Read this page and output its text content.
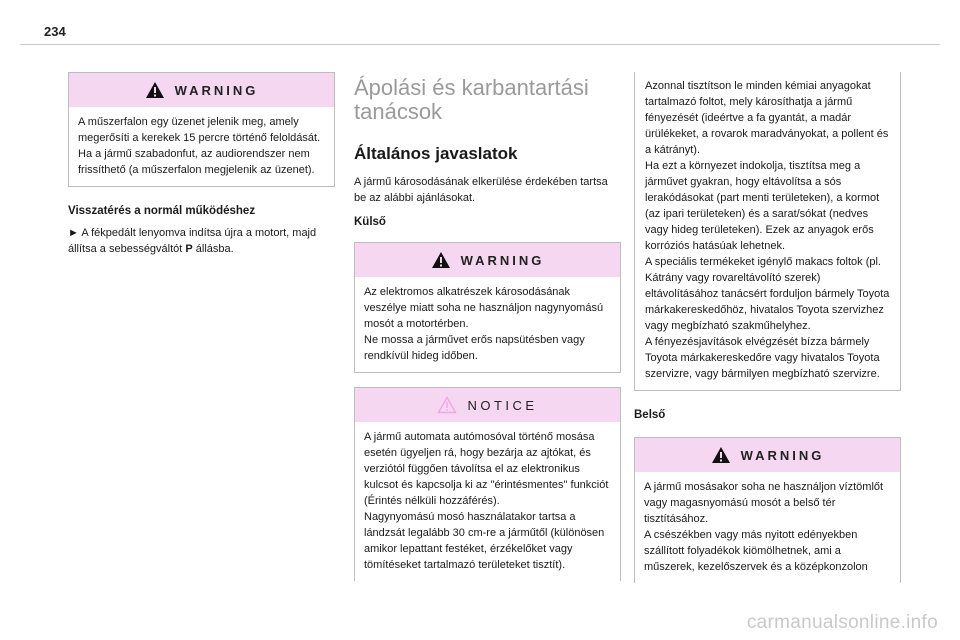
234
WARNING

A műszerfalon egy üzenet jelenik meg, amely megerősíti a kerekek 15 percre történő feloldását.
Ha a jármű szabadonfut, az audiorendszer nem frissíthető (a műszerfalon megjelenik az üzenet).

Visszatérés a normál működéshez

► A fékpedált lenyomva indítsa újra a motort, majd állítsa a sebességváltót P állásba.

Ápolási és karbantartási tanácsok
Általános javaslatok

A jármű károsodásának elkerülése érdekében tartsa be az alábbi ajánlásokat.

Külső
WARNING

Az elektromos alkatrészek károsodásának veszélye miatt soha ne használjon nagynyomású mosót a motortérben.
Ne mossa a járművet erős napsütésben vagy rendkívül hideg időben.

NOTICE

A jármű automata autómosóval történő mosása esetén ügyeljen rá, hogy bezárja az ajtókat, és verziótól függően távolítsa el az elektronikus kulcsot és kapcsolja ki az "érintésmentes" funkciót (Érintés nélküli hozzáférés).
Nagynyomású mosó használatakor tartsa a lándzsát legalább 30 cm-re a járműtől (különösen amikor lepattant festéket, érzékelőket vagy tömítéseket tartalmazó területeket tisztít).

Azonnal tisztítson le minden kémiai anyagokat tartalmazó foltot, mely károsíthatja a jármű fényezését (ideértve a fa gyantát, a madár ürülékeket, a rovarok maradványokat, a pollent és a kátrányt).
Ha ezt a környezet indokolja, tisztítsa meg a járművet gyakran, hogy eltávolítsa a sós lerakódásokat (part menti területeken), a kormot (az ipari területeken) és a sarat/sókat (nedves vagy hideg területeken). Ezek az anyagok erős korróziós hatásúak lehetnek.
A speciális termékeket igénylő makacs foltok (pl. Kátrány vagy rovareltávolító szerek) eltávolításához tanácsért forduljon bármely Toyota márkakereskedőhöz, hivatalos Toyota szervizhez vagy megbízható szakműhelyhez.
A fényezésjavítások elvégzését bízza bármely Toyota márkakereskedőre vagy hivatalos Toyota szervizre, vagy bármilyen megbízható szervizre.

Belső
WARNING

A jármű mosásakor soha ne használjon víztömlőt vagy magasnyomású mosót a belső tér tisztításához.
A csészékben vagy más nyitott edényekben szállított folyadékok kiömölhetnek, ami a műszerek, kezelőszervek és a középkonzolon

carmanualsonline.info
